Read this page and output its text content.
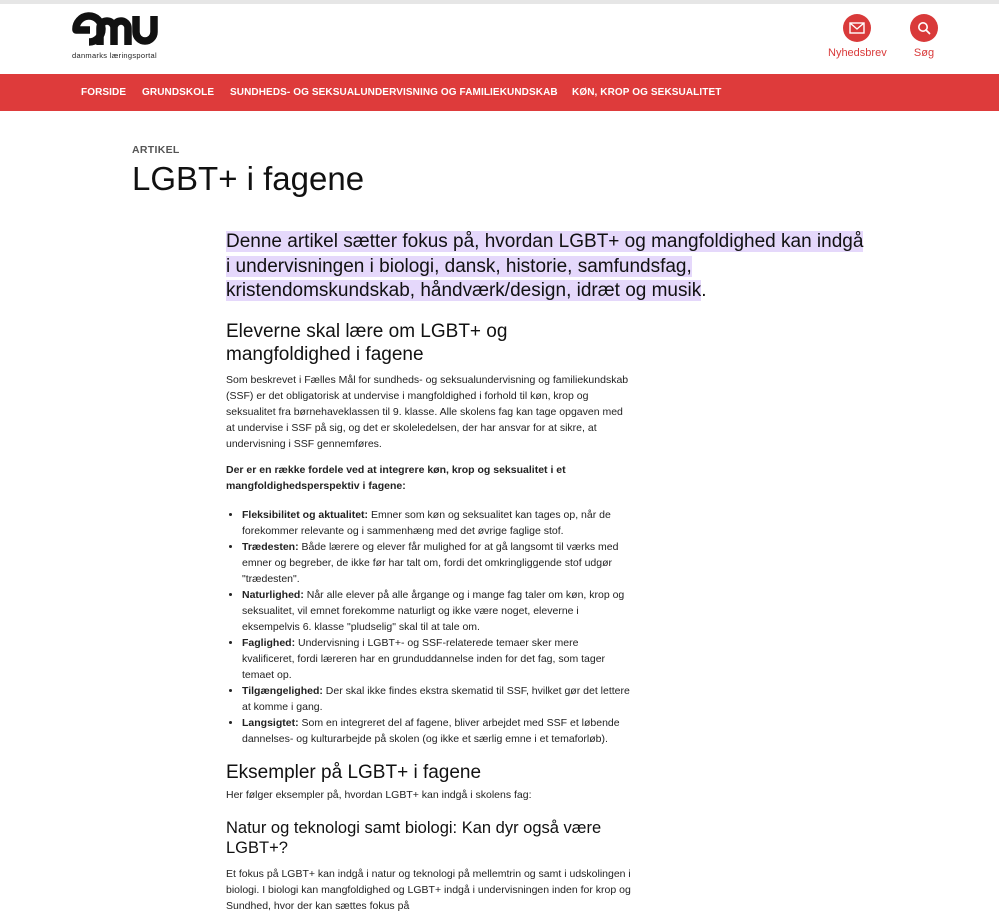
danmarks læringsportal	Nyhedsbrev	Søg
FORSIDE GRUNDSKOLE SUNDHEDS- OG SEKSUALUNDERVISNING OG FAMILIEKUNDSKAB KØN, KROP OG SEKSUALITET
ARTIKEL
LGBT+ i fagene

Denne artikel sætter fokus på, hvordan LGBT+ og mangfoldighed kan indgå i undervisningen i biologi, dansk, historie, samfundsfag, kristendomskundskab, håndværk/design, idræt og musik.

Eleverne skal lære om LGBT+ og mangfoldighed i fagene

Som beskrevet i Fælles Mål for sundheds- og seksualundervisning og familiekundskab (SSF) er det obligatorisk at undervise i mangfoldighed i forhold til køn, krop og seksualitet fra børnehaveklassen til 9. klasse. Alle skolens fag kan tage opgaven med at undervise i SSF på sig, og det er skoleledelsen, der har ansvar for at sikre, at undervisning i SSF gennemføres.

Der er en række fordele ved at integrere køn, krop og seksualitet i et mangfoldighedsperspektiv i fagene:

• Fleksibilitet og aktualitet: Emner som køn og seksualitet kan tages op, når de forekommer relevante og i sammenhæng med det øvrige faglige stof.
• Trædesten: Både lærere og elever får mulighed for at gå langsomt til værks med emner og begreber, de ikke før har talt om, fordi det omkringliggende stof udgør "trædesten".
• Naturlighed: Når alle elever på alle årgange og i mange fag taler om køn, krop og seksualitet, vil emnet forekomme naturligt og ikke være noget, eleverne i eksempelvis 6. klasse "pludselig" skal til at tale om.
• Faglighed: Undervisning i LGBT+- og SSF-relaterede temaer sker mere kvalificeret, fordi læreren har en grunduddannelse inden for det fag, som tager temaet op.
• Tilgængelighed: Der skal ikke findes ekstra skematid til SSF, hvilket gør det lettere at komme i gang.
• Langsigtet: Som en integreret del af fagene, bliver arbejdet med SSF et løbende dannelses- og kulturarbejde på skolen (og ikke et særlig emne i et temaforløb).
Eksempler på LGBT+ i fagene

Her følger eksempler på, hvordan LGBT+ kan indgå i skolens fag:

Natur og teknologi samt biologi: Kan dyr også være LGBT+?

Et fokus på LGBT+ kan indgå i natur og teknologi på mellemtrin og samt i udskolingen i biologi. I biologi kan mangfoldighed og LGBT+ indgå i undervisningen inden for krop og Sundhed, hvor der kan sættes fokus på
